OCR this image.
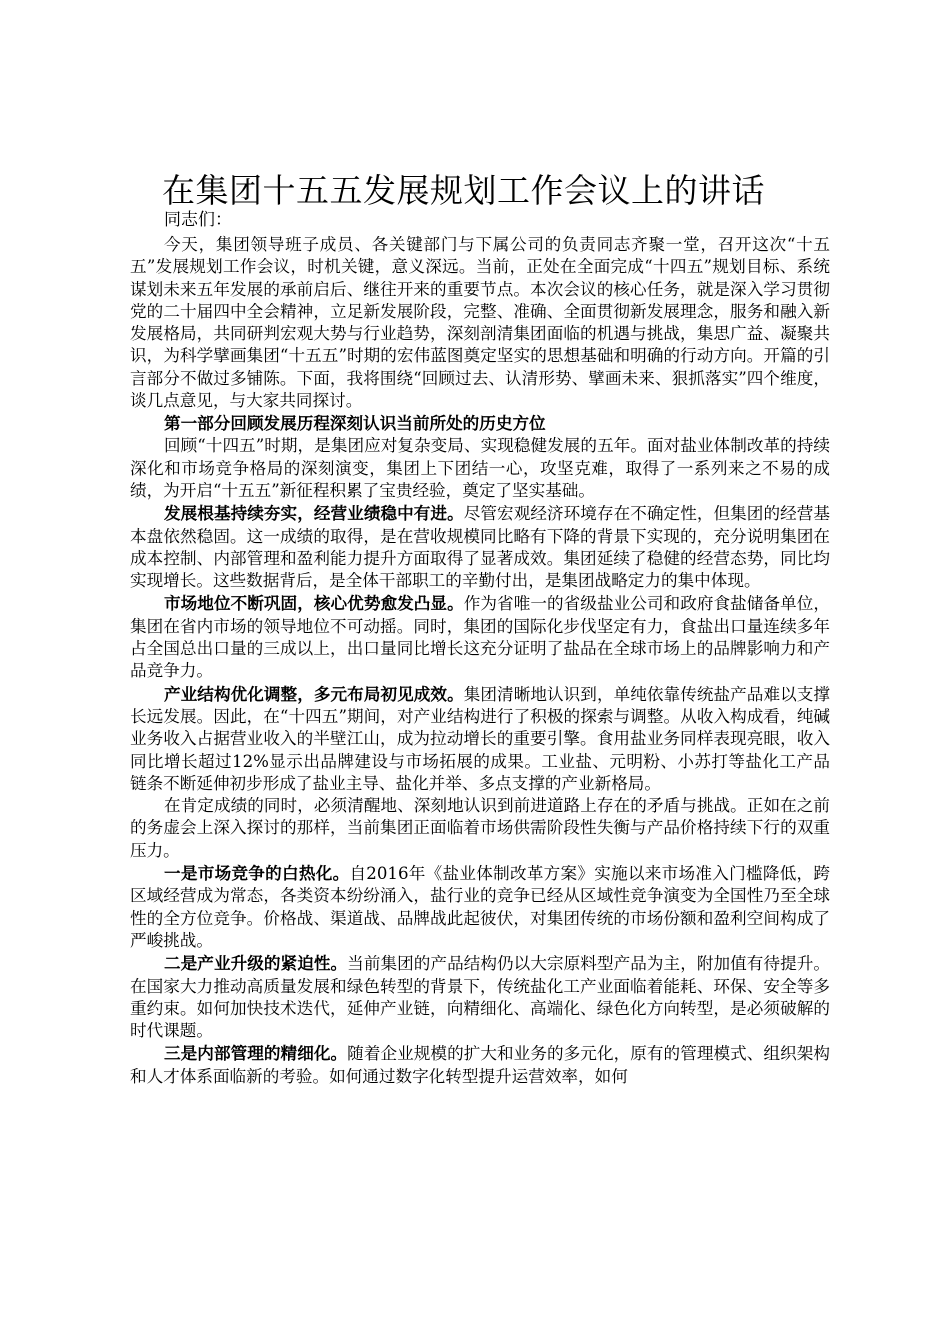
在集团十五五发展规划工作会议上的讲话

同志们：

今天，集团领导班子成员、各关键部门与下属公司的负责同志齐聚一堂，召开这次“十五五”发展规划工作会议，时机关键，意义深远。当前，正处在全面完成“十四五”规划目标、系统谋划未来五年发展的承前启后、继往开来的重要节点。本次会议的核心任务，就是深入学习贯彻党的二十届四中全会精神，立足新发展阶段，完整、准确、全面贯彻新发展理念，服务和融入新发展格局，共同研判宏观大势与行业趋势，深刻剖清集团面临的机遇与挑战，集思广益、凝聚共识，为科学擘画集团“十五五”时期的宏伟蓝图奠定坚实的思想基础和明确的行动方向。开篇的引言部分不做过多铺陈。下面，我将围绕“回顾过去、认清形势、擘画未来、狠抓落实”四个维度，谈几点意见，与大家共同探讨。

第一部分回顾发展历程深刻认识当前所处的历史方位

回顾“十四五”时期，是集团应对复杂变局、实现稳健发展的五年。面对盐业体制改革的持续深化和市场竞争格局的深刻演变，集团上下团结一心，攻坚克难，取得了一系列来之不易的成绩，为开启“十五五”新征程积累了宝贵经验，奠定了坚实基础。

发展根基持续夯实，经营业绩稳中有进。尽管宏观经济环境存在不确定性，但集团的经营基本盘依然稳固。这一成绩的取得，是在营收规模同比略有下降的背景下实现的，充分说明集团在成本控制、内部管理和盈利能力提升方面取得了显著成效。集团延续了稳健的经营态势，同比均实现增长。这些数据背后，是全体干部职工的辛勤付出，是集团战略定力的集中体现。

市场地位不断巩固，核心优势愈发凸显。作为省唯一的省级盐业公司和政府食盐储备单位，集团在省内市场的领导地位不可动摇。同时，集团的国际化步伐坚定有力，食盐出口量连续多年占全国总出口量的三成以上，出口量同比增长这充分证明了盐品在全球市场上的品牌影响力和产品竞争力。

产业结构优化调整，多元布局初见成效。集团清晰地认识到，单纯依靠传统盐产品难以支撑长远发展。因此，在“十四五”期间，对产业结构进行了积极的探索与调整。从收入构成看，纯碱业务收入占据营业收入的半壁江山，成为拉动增长的重要引擎。食用盐业务同样表现亮眼，收入同比增长超过12%显示出品牌建设与市场拓展的成果。工业盐、元明粉、小苏打等盐化工产品链条不断延伸初步形成了盐业主导、盐化并举、多点支撑的产业新格局。

在肯定成绩的同时，必须清醒地、深刻地认识到前进道路上存在的矛盾与挑战。正如在之前的务虚会上深入探讨的那样，当前集团正面临着市场供需阶段性失衡与产品价格持续下行的双重压力。

一是市场竞争的白热化。自2016年《盐业体制改革方案》实施以来市场准入门槛降低，跨区域经营成为常态，各类资本纷纷涌入，盐行业的竞争已经从区域性竞争演变为全国性乃至全球性的全方位竞争。价格战、渠道战、品牌战此起彼伏，对集团传统的市场份额和盈利空间构成了严峻挑战。

二是产业升级的紧迫性。当前集团的产品结构仍以大宗原料型产品为主，附加值有待提升。在国家大力推动高质量发展和绿色转型的背景下，传统盐化工产业面临着能耗、环保、安全等多重约束。如何加快技术迭代，延伸产业链，向精细化、高端化、绿色化方向转型，是必须破解的时代课题。

三是内部管理的精细化。随着企业规模的扩大和业务的多元化，原有的管理模式、组织架构和人才体系面临新的考验。如何通过数字化转型提升运营效率，如何
